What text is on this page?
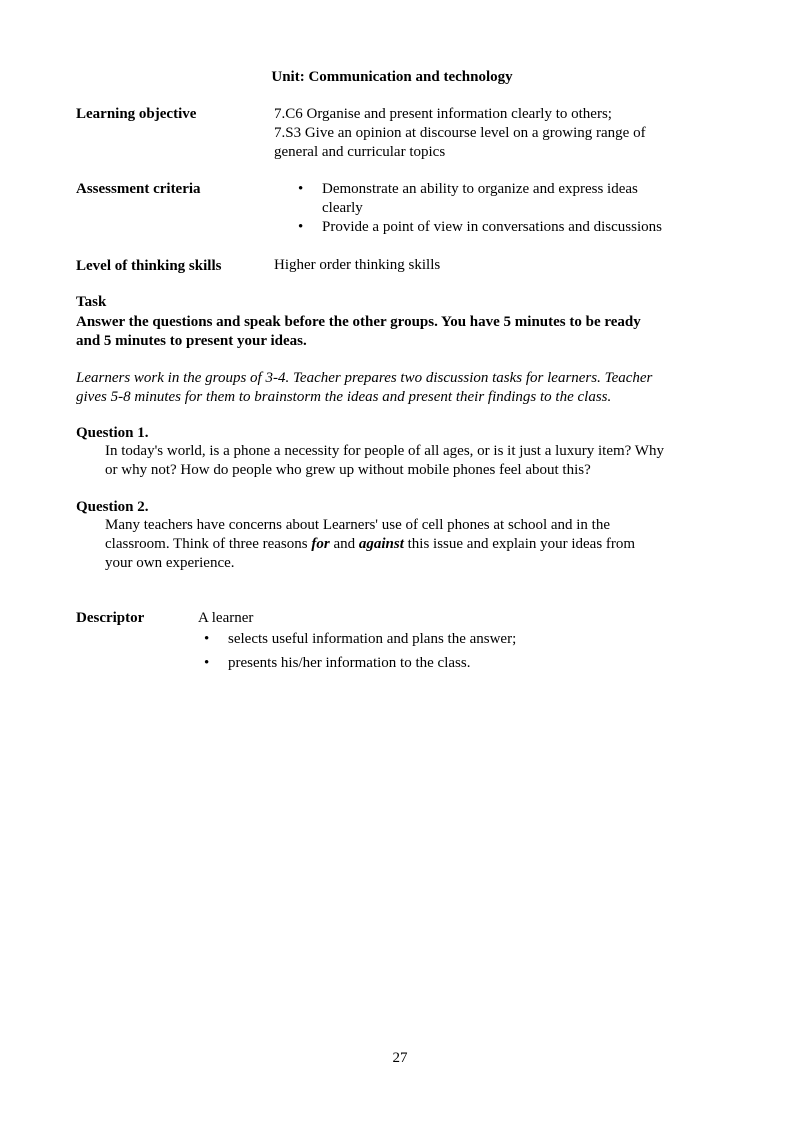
Unit: Communication and technology
Learning objective	7.C6 Organise and present information clearly to others;
7.S3 Give an opinion at discourse level on a growing range of
general and curricular topics
Assessment criteria	• Demonstrate an ability to organize and express ideas
clearly
• Provide a point of view in conversations and discussions
Level of thinking skills	Higher order thinking skills
Task
Answer the questions and speak before the other groups. You have 5 minutes to be ready
and 5 minutes to present your ideas.
Learners work in the groups of 3-4. Teacher prepares two discussion tasks for learners. Teacher
gives 5-8 minutes for them to brainstorm the ideas and present their findings to the class.
Question 1.
In today's world, is a phone a necessity for people of all ages, or is it just a luxury item? Why
or why not? How do people who grew up without mobile phones feel about this?
Question 2.
Many teachers have concerns about Learners' use of cell phones at school and in the
classroom. Think of three reasons for and against this issue and explain your ideas from
your own experience.
Descriptor	A learner
• selects useful information and plans the answer;
• presents his/her information to the class.
27
